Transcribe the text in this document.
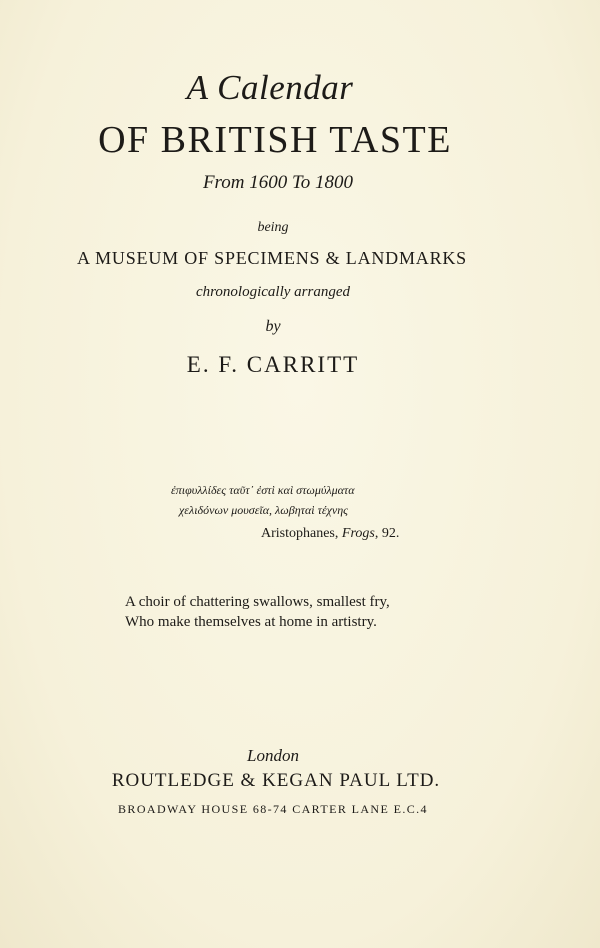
A Calendar
OF BRITISH TASTE
From 1600 To 1800
being
A MUSEUM OF SPECIMENS & LANDMARKS
chronologically arranged
by
E. F. CARRITT
ἐπιφυλλίδες ταῦτ᾽ ἐστὶ καὶ στωμύλματα
χελιδόνων μουσεῖα, λωβηταὶ τέχνης
Aristophanes, Frogs, 92.
A choir of chattering swallows, smallest fry,
Who make themselves at home in artistry.
London
ROUTLEDGE & KEGAN PAUL LTD.
BROADWAY HOUSE 68-74 CARTER LANE E.C.4
